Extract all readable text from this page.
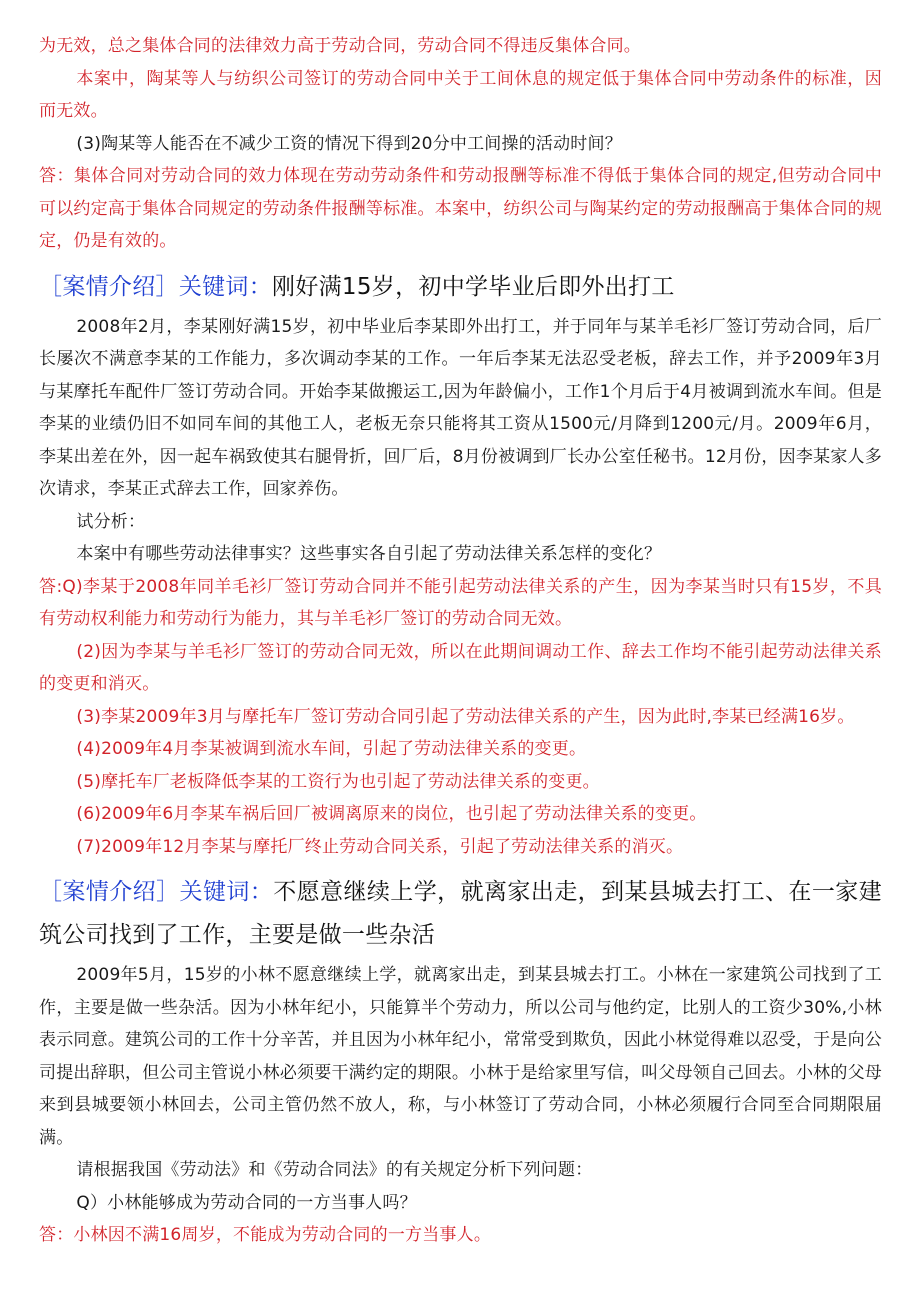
为无效，总之集体合同的法律效力高于劳动合同，劳动合同不得违反集体合同。

本案中，陶某等人与纺织公司签订的劳动合同中关于工间休息的规定低于集体合同中劳动条件的标准，因而无效。

(3)陶某等人能否在不减少工资的情况下得到20分中工间操的活动时间？

答：集体合同对劳动合同的效力体现在劳动劳动条件和劳动报酬等标准不得低于集体合同的规定,但劳动合同中可以约定高于集体合同规定的劳动条件报酬等标准。本案中，纺织公司与陶某约定的劳动报酬高于集体合同的规定，仍是有效的。

［案情介绍］关键词：刚好满15岁，初中学毕业后即外出打工

2008年2月，李某刚好满15岁，初中毕业后李某即外出打工，并于同年与某羊毛衫厂签订劳动合同，后厂长屡次不满意李某的工作能力，多次调动李某的工作。一年后李某无法忍受老板，辞去工作，并予2009年3月与某摩托车配件厂签订劳动合同。开始李某做搬运工,因为年龄偏小，工作1个月后于4月被调到流水车间。但是李某的业绩仍旧不如同车间的其他工人，老板无奈只能将其工资从1500元/月降到1200元/月。2009年6月，李某出差在外，因一起车祸致使其右腿骨折，回厂后，8月份被调到厂长办公室任秘书。12月份，因李某家人多次请求，李某正式辞去工作，回家养伤。

试分析：

本案中有哪些劳动法律事实？这些事实各自引起了劳动法律关系怎样的变化？

答:Q)李某于2008年同羊毛衫厂签订劳动合同并不能引起劳动法律关系的产生，因为李某当时只有15岁，不具有劳动权利能力和劳动行为能力，其与羊毛衫厂签订的劳动合同无效。

(2)因为李某与羊毛衫厂签订的劳动合同无效，所以在此期间调动工作、辞去工作均不能引起劳动法律关系的变更和消灭。

(3)李某2009年3月与摩托车厂签订劳动合同引起了劳动法律关系的产生，因为此时,李某已经满16岁。

(4)2009年4月李某被调到流水车间，引起了劳动法律关系的变更。

(5)摩托车厂老板降低李某的工资行为也引起了劳动法律关系的变更。

(6)2009年6月李某车祸后回厂被调离原来的岗位，也引起了劳动法律关系的变更。

(7)2009年12月李某与摩托厂终止劳动合同关系，引起了劳动法律关系的消灭。

［案情介绍］关键词：不愿意继续上学，就离家出走，到某县城去打工、在一家建筑公司找到了工作，主要是做一些杂活

2009年5月，15岁的小林不愿意继续上学，就离家出走，到某县城去打工。小林在一家建筑公司找到了工作，主要是做一些杂活。因为小林年纪小，只能算半个劳动力，所以公司与他约定，比别人的工资少30%,小林表示同意。建筑公司的工作十分辛苦，并且因为小林年纪小，常常受到欺负，因此小林觉得难以忍受，于是向公司提出辞职，但公司主管说小林必须要干满约定的期限。小林于是给家里写信，叫父母领自己回去。小林的父母来到县城要领小林回去，公司主管仍然不放人，称，与小林签订了劳动合同，小林必须履行合同至合同期限届满。

请根据我国《劳动法》和《劳动合同法》的有关规定分析下列问题：

Q）小林能够成为劳动合同的一方当事人吗？

答：小林因不满16周岁，不能成为劳动合同的一方当事人。
